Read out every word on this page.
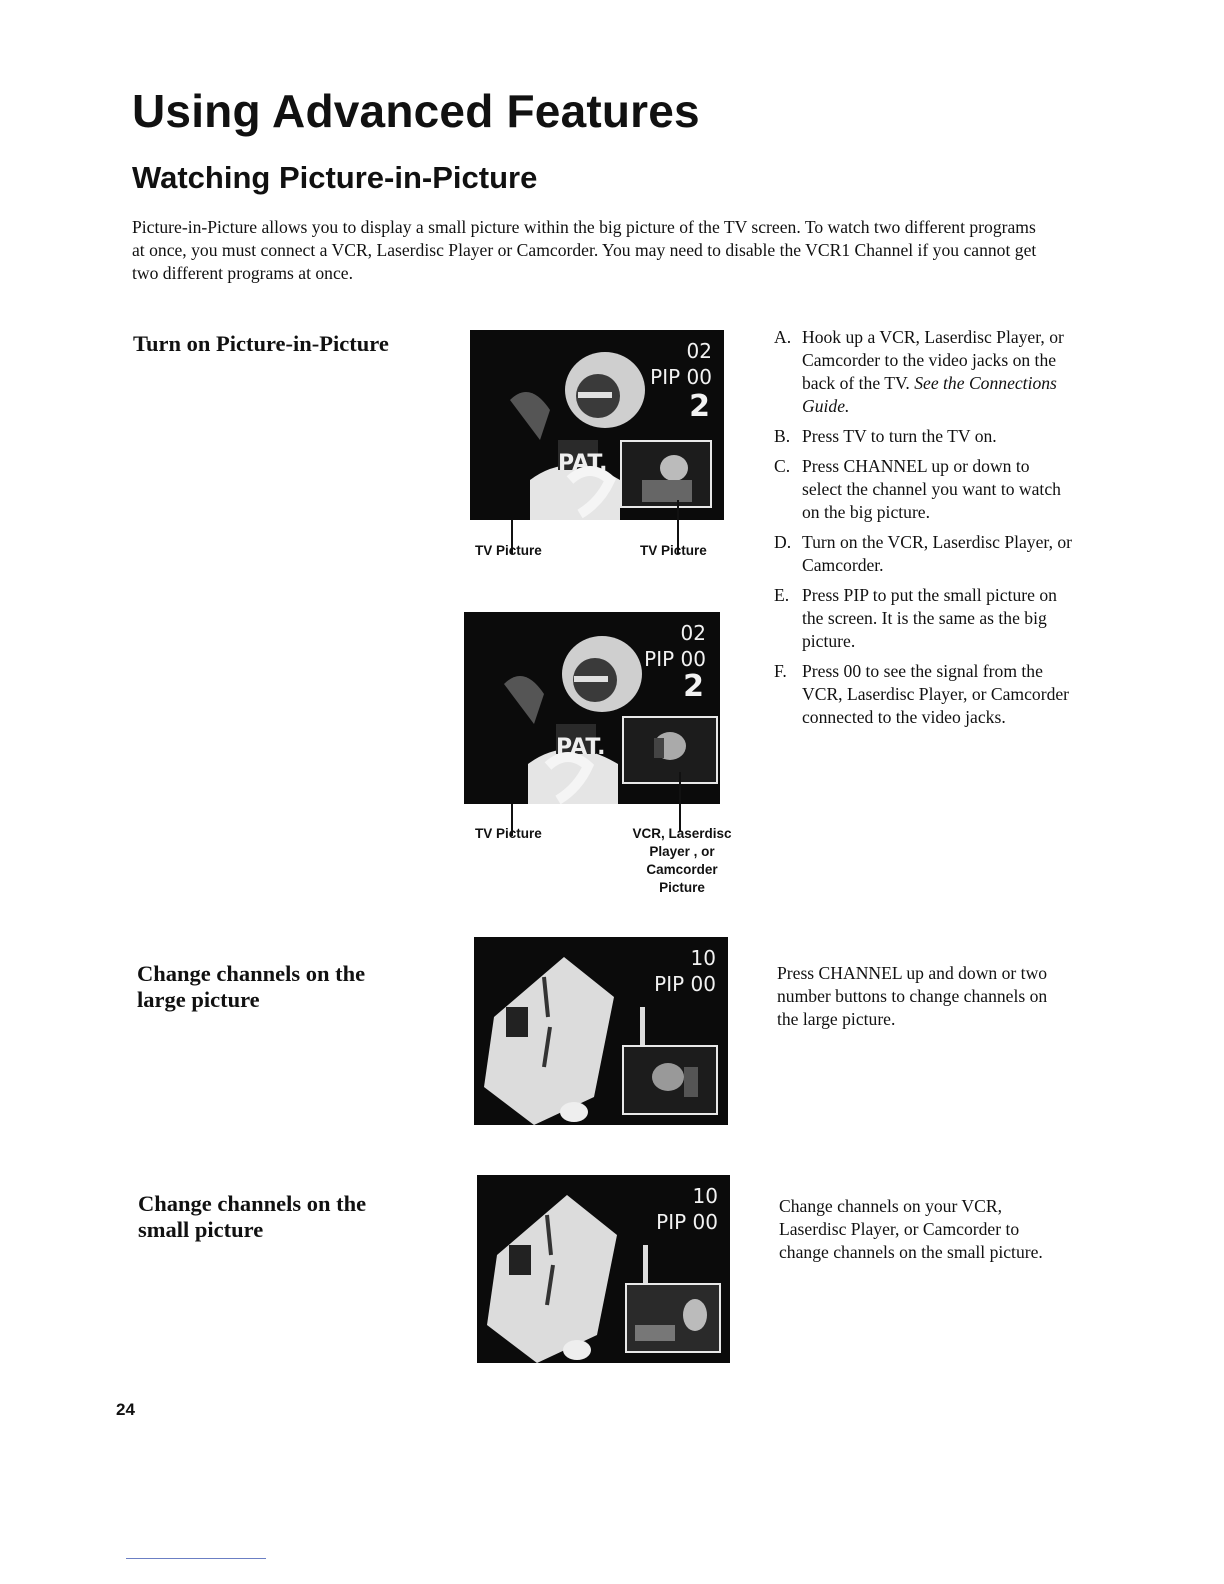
Using Advanced Features
Watching Picture-in-Picture

Picture-in-Picture allows you to display a small picture within the big picture of the TV screen. To watch two different programs at once, you must connect a VCR, Laserdisc Player or Camcorder. You may need to disable the VCR1 Channel if you cannot get two different programs at once.

Turn on Picture-in-Picture

PAT.
02
PIP 00
2
TV Picture	TV Picture
PAT.
02
PIP 00
2
TV Picture	VCR, Laserdisc Player , or Camcorder Picture
A. Hook up a VCR, Laserdisc Player, or Camcorder to the video jacks on the back of the TV. See the Connections Guide.
B. Press TV to turn the TV on.
C. Press CHANNEL up or down to select the channel you want to watch on the big picture.
D. Turn on the VCR, Laserdisc Player, or Camcorder.
E. Press PIP to put the small picture on the screen. It is the same as the big picture.
F. Press 00 to see the signal from the VCR, Laserdisc Player, or Camcorder connected to the video jacks.

Change channels on the large picture

10
PIP 00	Press CHANNEL up and down or two number buttons to change channels on the large picture.

Change channels on the small picture

10
PIP 00

Change channels on your VCR, Laserdisc Player, or Camcorder to change channels on the small picture.

24
